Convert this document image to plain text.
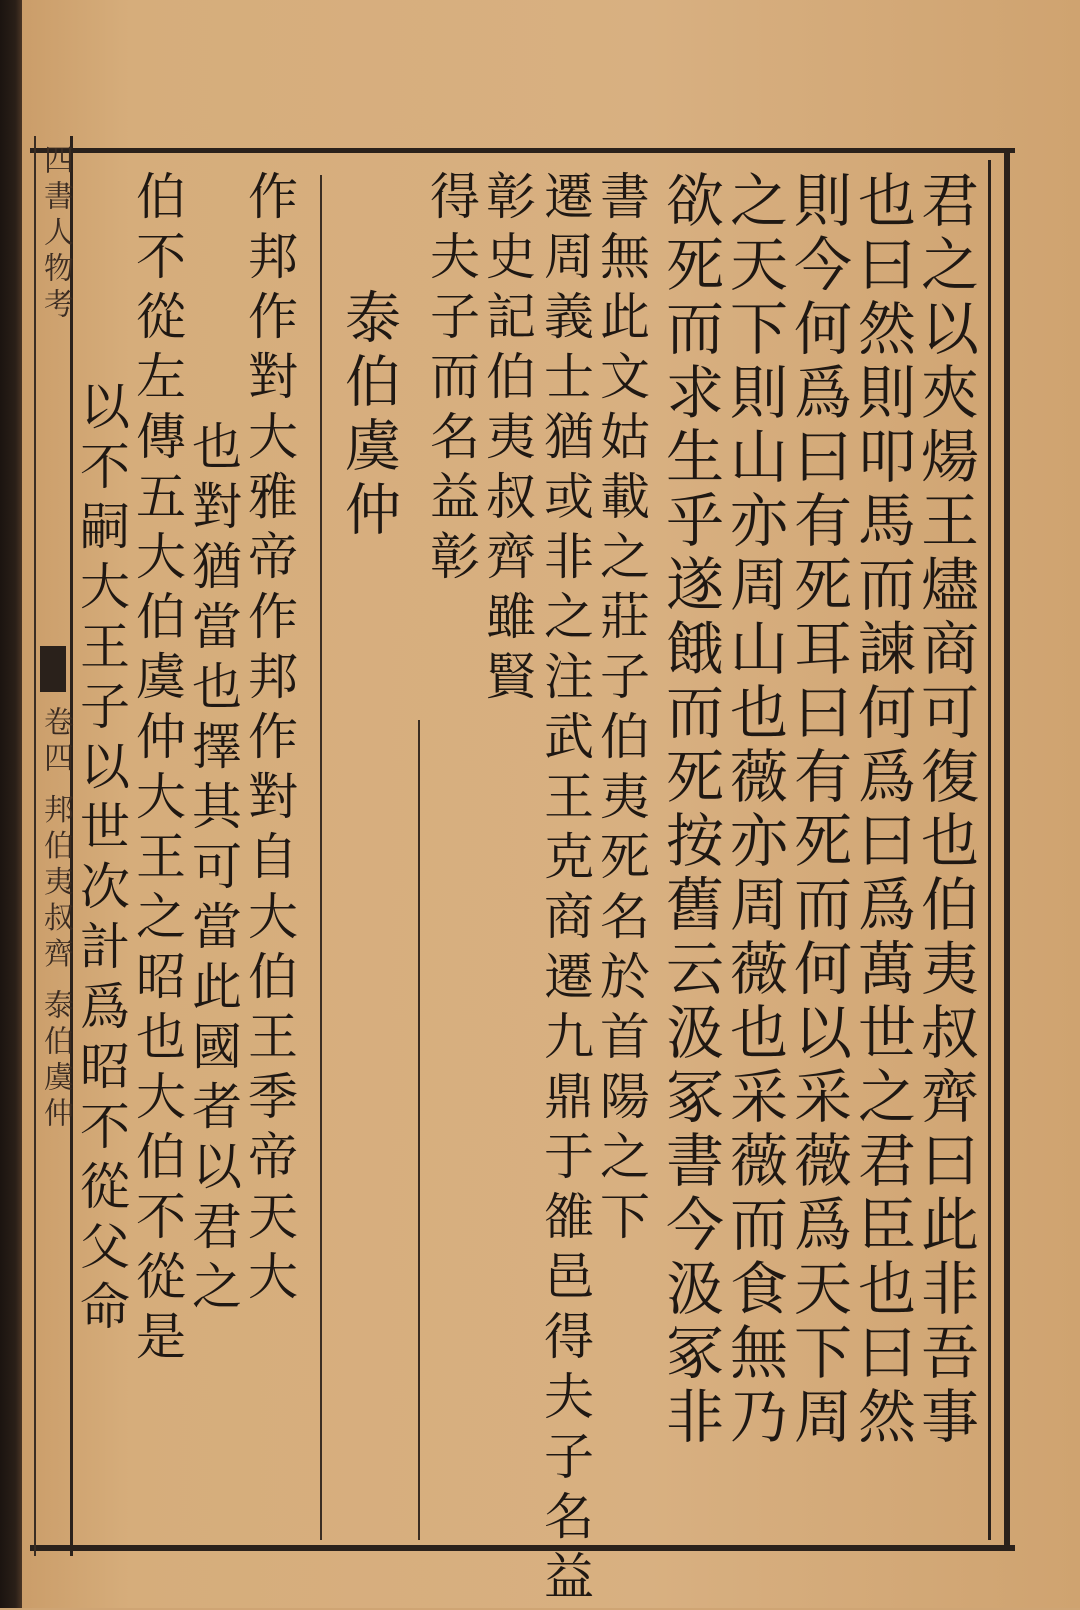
四書人物考
卷四 邦伯夷叔齊 泰伯虞仲	君之以夾煬王燼商可復也伯夷叔齊曰此非吾事
也曰然則叩馬而諫何爲曰爲萬世之君臣也曰然
則今何爲曰有死耳曰有死而何以采薇爲天下周
之天下則山亦周山也薇亦周薇也采薇而食無乃
欲死而求生乎遂餓而死按舊云汲冢書今汲冢非
書無此文姑載之莊子伯夷死名於首陽之下
遷周義士猶或非之注武王克商遷九鼎于雒邑得夫子名益
彰史記伯夷叔齊雖賢
得夫子而名益彰
泰伯虞仲
作邦作對大雅帝作邦作對自大伯王季帝天大
也對猶當也擇其可當此國者以君之
伯不從左傳五大伯虞仲大王之昭也大伯不從是
以不嗣大王子以世次計爲昭不從父命
